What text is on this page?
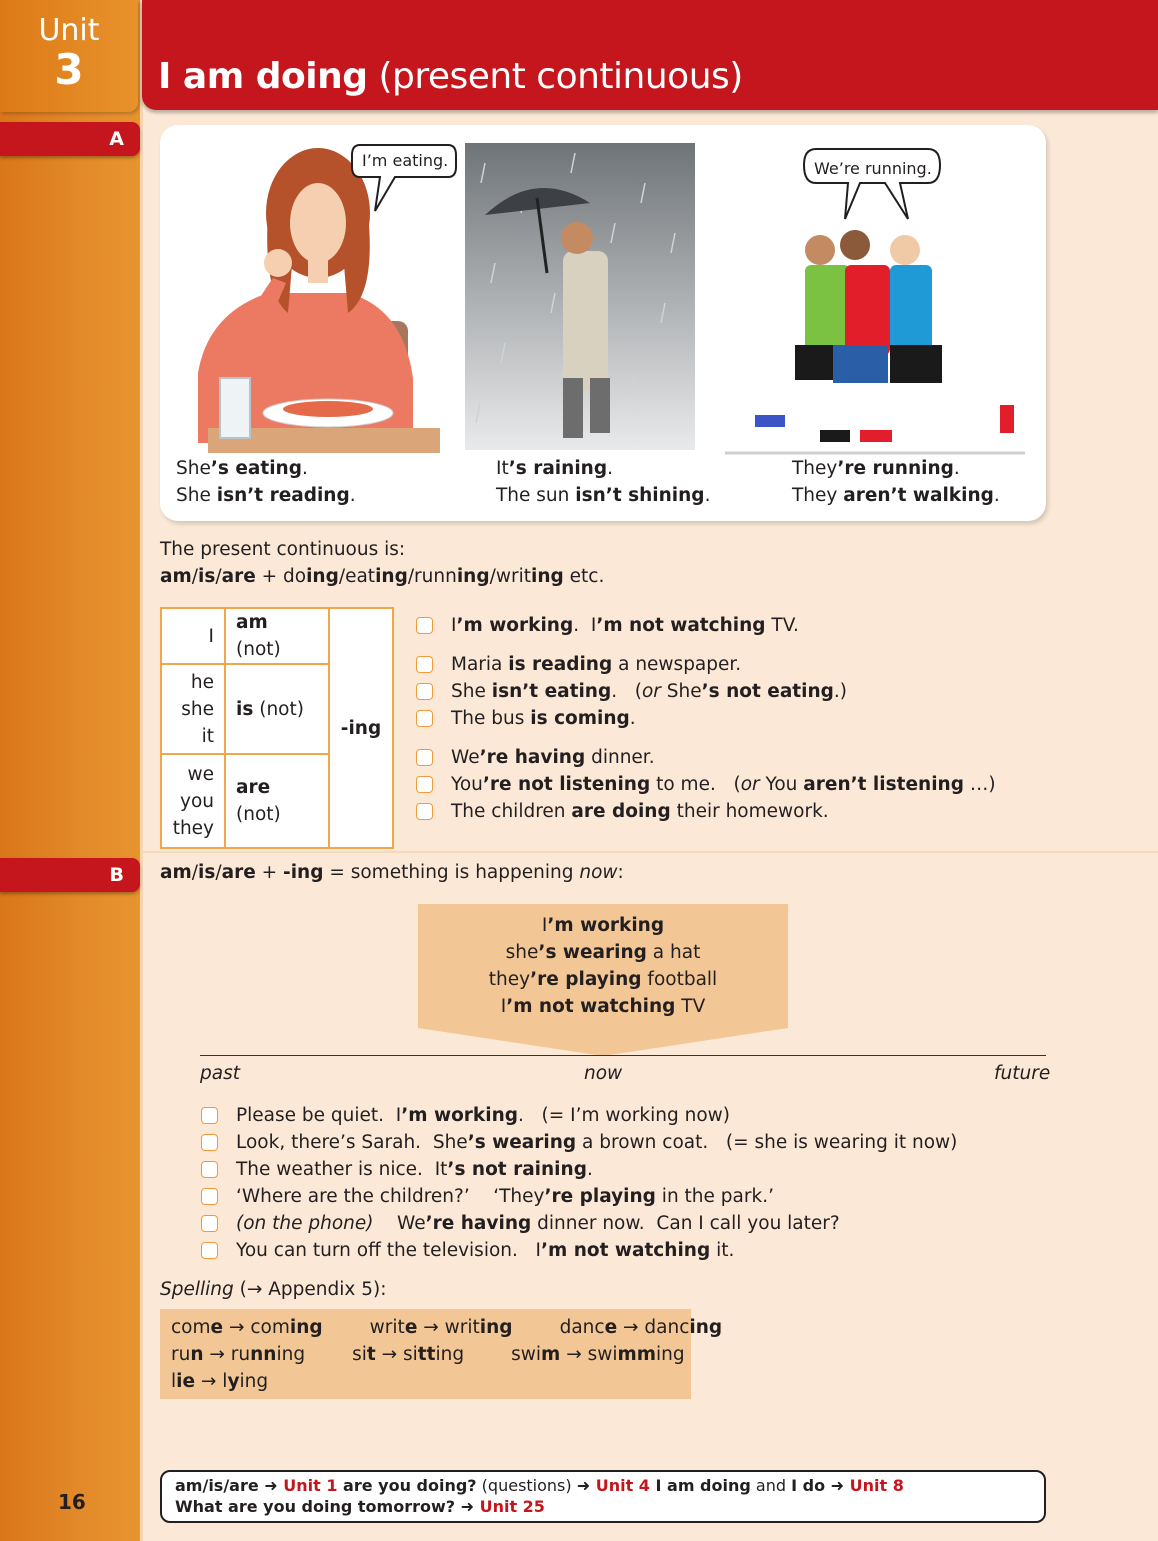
Unit
3	I am doing (present continuous)
A
B
I’m eating.	We’re running.
She’s eating.
She isn’t reading.
It’s raining.
The sun isn’t shining.
They’re running.
They aren’t walking.
The present continuous is:
am/is/are + doing/eating/running/writing etc.
I	am (not)	-ing

he
she
it	is (not)	

we
you
they	are (not)	
I’m working.  I’m not watching TV.
Maria is reading a newspaper.
She isn’t eating.   (or She’s not eating.)
The bus is coming.
We’re having dinner.
You’re not listening to me.   (or You aren’t listening …)
The children are doing their homework.
am/is/are + -ing = something is happening now:
I’m working
she’s wearing a hat
they’re playing football
I’m not watching TV
past	now	future
Please be quiet.  I’m working.   (= I’m working now)
Look, there’s Sarah.  She’s wearing a brown coat.   (= she is wearing it now)
The weather is nice.  It’s not raining.
‘Where are the children?’    ‘They’re playing in the park.’
(on the phone)    We’re having dinner now.  Can I call you later?
You can turn off the television.   I’m not watching it.
Spelling (→ Appendix 5):
come → coming        write → writing        dance → dancing
run → running        sit → sitting        swim → swimming
lie → lying
am/is/are ➜ Unit 1 are you doing? (questions) ➜ Unit 4 I am doing and I do ➜ Unit 8
What are you doing tomorrow? ➜ Unit 25
16
